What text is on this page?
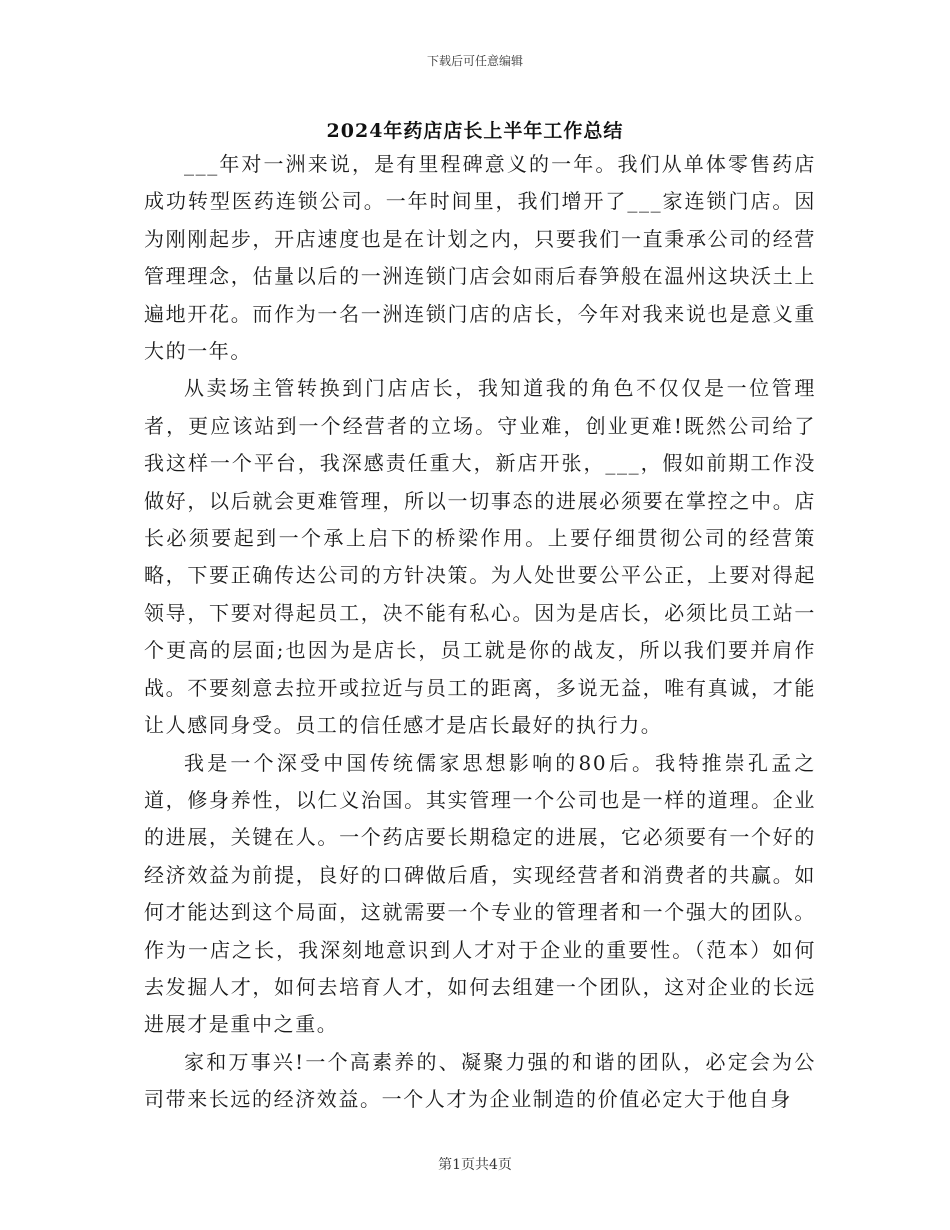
下载后可任意编辑
2024年药店店长上半年工作总结

___年对一洲来说，是有里程碑意义的一年。我们从单体零售药店成功转型医药连锁公司。一年时间里，我们增开了___家连锁门店。因为刚刚起步，开店速度也是在计划之内，只要我们一直秉承公司的经营管理理念，估量以后的一洲连锁门店会如雨后春笋般在温州这块沃土上遍地开花。而作为一名一洲连锁门店的店长，今年对我来说也是意义重大的一年。

从卖场主管转换到门店店长，我知道我的角色不仅仅是一位管理者，更应该站到一个经营者的立场。守业难，创业更难!既然公司给了我这样一个平台，我深感责任重大，新店开张，___，假如前期工作没做好，以后就会更难管理，所以一切事态的进展必须要在掌控之中。店长必须要起到一个承上启下的桥梁作用。上要仔细贯彻公司的经营策略，下要正确传达公司的方针决策。为人处世要公平公正，上要对得起领导，下要对得起员工，决不能有私心。因为是店长，必须比员工站一个更高的层面;也因为是店长，员工就是你的战友，所以我们要并肩作战。不要刻意去拉开或拉近与员工的距离，多说无益，唯有真诚，才能让人感同身受。员工的信任感才是店长最好的执行力。

我是一个深受中国传统儒家思想影响的80后。我特推崇孔孟之道，修身养性，以仁义治国。其实管理一个公司也是一样的道理。企业的进展，关键在人。一个药店要长期稳定的进展，它必须要有一个好的经济效益为前提，良好的口碑做后盾，实现经营者和消费者的共赢。如何才能达到这个局面，这就需要一个专业的管理者和一个强大的团队。作为一店之长，我深刻地意识到人才对于企业的重要性。（范本）如何去发掘人才，如何去培育人才，如何去组建一个团队，这对企业的长远进展才是重中之重。

家和万事兴!一个高素养的、凝聚力强的和谐的团队，必定会为公司带来长远的经济效益。一个人才为企业制造的价值必定大于他自身

第1页共4页
